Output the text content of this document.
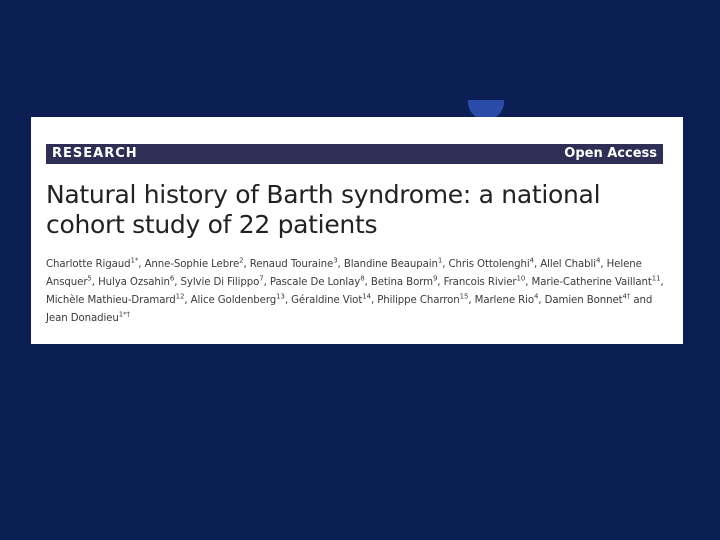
RESEARCH	Open Access
Natural history of Barth syndrome: a national
cohort study of 22 patients
Charlotte Rigaud$^{1*}$, Anne-Sophie Lebre$^2$, Renaud Touraine$^3$, Blandine Beaupain$^1$, Chris Ottolenghi$^4$, Allel Chabli$^4$, Helene Ansquer$^5$, Hulya Ozsahin$^6$, Sylvie Di Filippo$^7$, Pascale De Lonlay$^8$, Betina Borm$^9$, Francois Rivier$^{10}$, Marie-Catherine Vaillant$^{11}$, Michèle Mathieu-Dramard$^{12}$, Alice Goldenberg$^{13}$, Géraldine Viot$^{14}$, Philippe Charron$^{15}$, Marlene Rio$^4$, Damien Bonnet$^{4\dagger}$ and Jean Donadieu$^{1*\dagger}$
